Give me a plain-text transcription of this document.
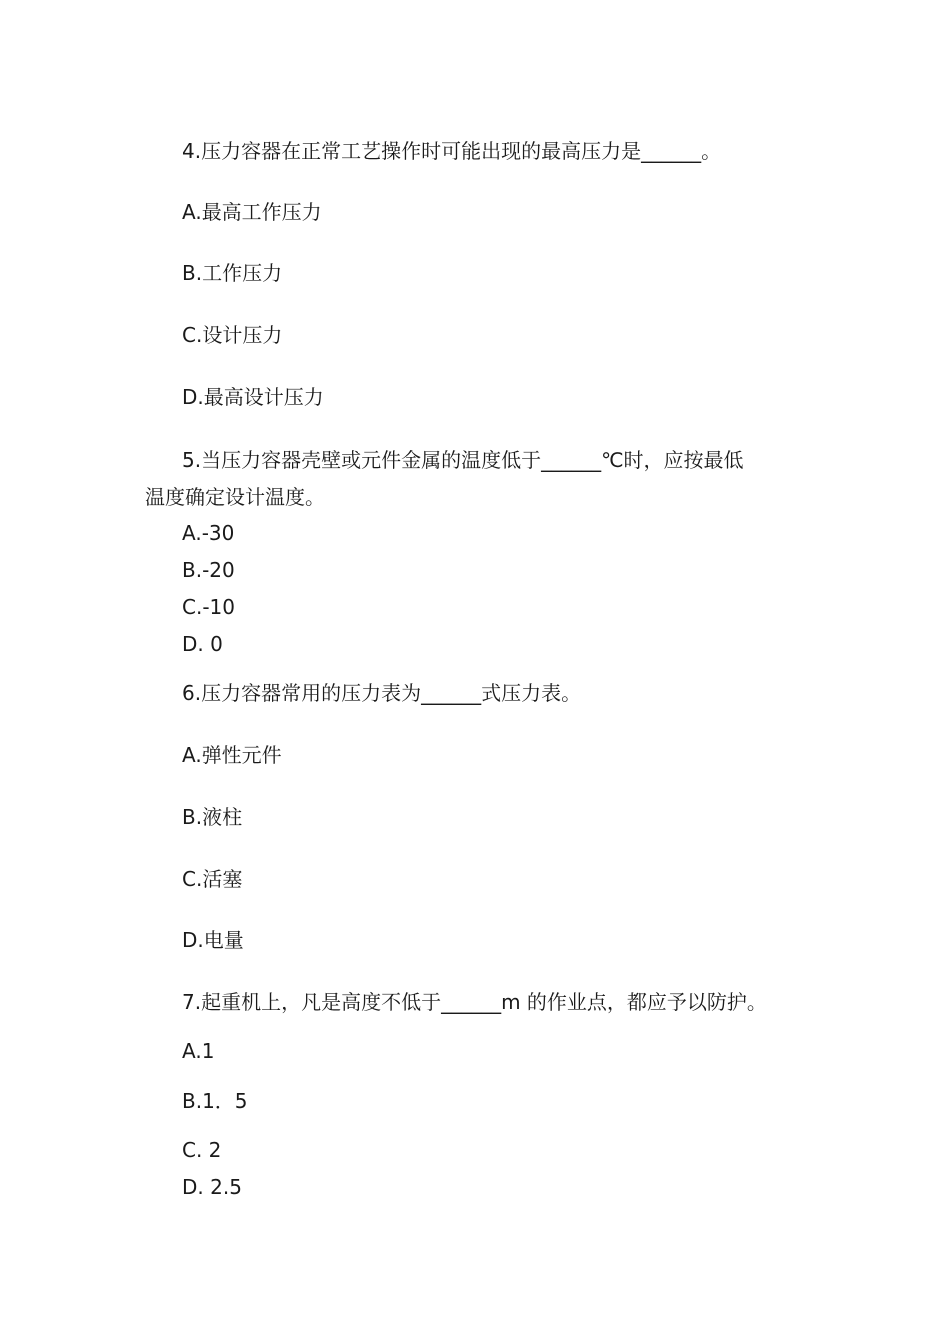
4.压力容器在正常工艺操作时可能出现的最高压力是______。
A.最高工作压力
B.工作压力
C.设计压力
D.最高设计压力
5.当压力容器壳壁或元件金属的温度低于______℃时，应按最低
温度确定设计温度。
A.-30
B.-20
C.-10
D. 0
6.压力容器常用的压力表为______式压力表。
A.弹性元件
B.液柱
C.活塞
D.电量
7.起重机上，凡是高度不低于______m 的作业点，都应予以防护。
A.1
B.1．5
C. 2
D. 2.5
